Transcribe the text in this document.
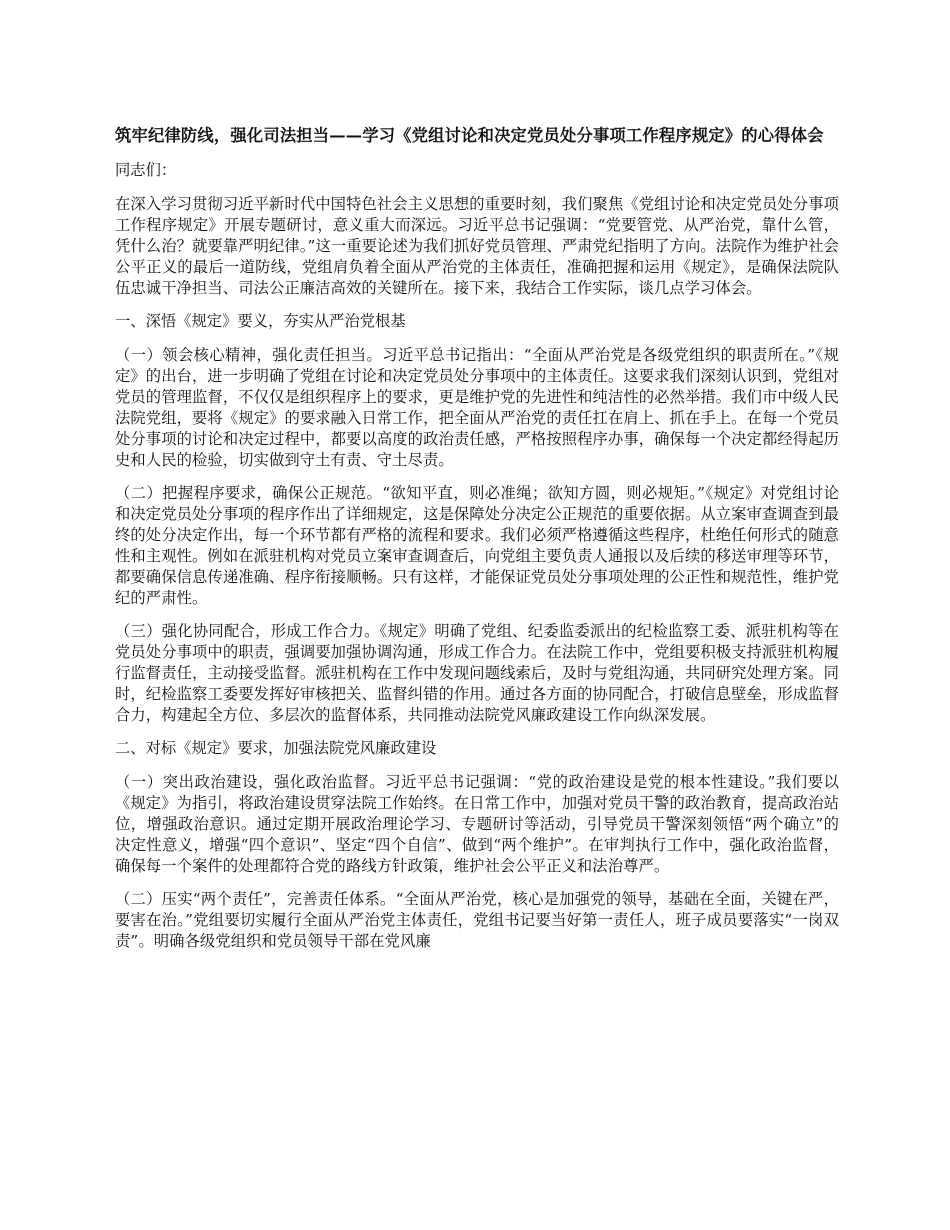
筑牢纪律防线，强化司法担当——学习《党组讨论和决定党员处分事项工作程序规定》的心得体会
同志们：

在深入学习贯彻习近平新时代中国特色社会主义思想的重要时刻，我们聚焦《党组讨论和决定党员处分事项工作程序规定》开展专题研讨，意义重大而深远。习近平总书记强调：“党要管党、从严治党，靠什么管，凭什么治？就要靠严明纪律。”这一重要论述为我们抓好党员管理、严肃党纪指明了方向。法院作为维护社会公平正义的最后一道防线，党组肩负着全面从严治党的主体责任，准确把握和运用《规定》，是确保法院队伍忠诚干净担当、司法公正廉洁高效的关键所在。接下来，我结合工作实际，谈几点学习体会。

一、深悟《规定》要义，夯实从严治党根基

（一）领会核心精神，强化责任担当。习近平总书记指出：“全面从严治党是各级党组织的职责所在。”《规定》的出台，进一步明确了党组在讨论和决定党员处分事项中的主体责任。这要求我们深刻认识到，党组对党员的管理监督，不仅仅是组织程序上的要求，更是维护党的先进性和纯洁性的必然举措。我们市中级人民法院党组，要将《规定》的要求融入日常工作，把全面从严治党的责任扛在肩上、抓在手上。在每一个党员处分事项的讨论和决定过程中，都要以高度的政治责任感，严格按照程序办事，确保每一个决定都经得起历史和人民的检验，切实做到守土有责、守土尽责。

（二）把握程序要求，确保公正规范。“欲知平直，则必准绳；欲知方圆，则必规矩。”《规定》对党组讨论和决定党员处分事项的程序作出了详细规定，这是保障处分决定公正规范的重要依据。从立案审查调查到最终的处分决定作出，每一个环节都有严格的流程和要求。我们必须严格遵循这些程序，杜绝任何形式的随意性和主观性。例如在派驻机构对党员立案审查调查后，向党组主要负责人通报以及后续的移送审理等环节，都要确保信息传递准确、程序衔接顺畅。只有这样，才能保证党员处分事项处理的公正性和规范性，维护党纪的严肃性。

（三）强化协同配合，形成工作合力。《规定》明确了党组、纪委监委派出的纪检监察工委、派驻机构等在党员处分事项中的职责，强调要加强协调沟通，形成工作合力。在法院工作中，党组要积极支持派驻机构履行监督责任，主动接受监督。派驻机构在工作中发现问题线索后，及时与党组沟通，共同研究处理方案。同时，纪检监察工委要发挥好审核把关、监督纠错的作用。通过各方面的协同配合，打破信息壁垒，形成监督合力，构建起全方位、多层次的监督体系，共同推动法院党风廉政建设工作向纵深发展。

二、对标《规定》要求，加强法院党风廉政建设

（一）突出政治建设，强化政治监督。习近平总书记强调：“党的政治建设是党的根本性建设。”我们要以《规定》为指引，将政治建设贯穿法院工作始终。在日常工作中，加强对党员干警的政治教育，提高政治站位，增强政治意识。通过定期开展政治理论学习、专题研讨等活动，引导党员干警深刻领悟“两个确立”的决定性意义，增强“四个意识”、坚定“四个自信”、做到“两个维护”。在审判执行工作中，强化政治监督，确保每一个案件的处理都符合党的路线方针政策，维护社会公平正义和法治尊严。

（二）压实“两个责任”，完善责任体系。“全面从严治党，核心是加强党的领导，基础在全面，关键在严，要害在治。”党组要切实履行全面从严治党主体责任，党组书记要当好第一责任人，班子成员要落实“一岗双责”。明确各级党组织和党员领导干部在党风廉
